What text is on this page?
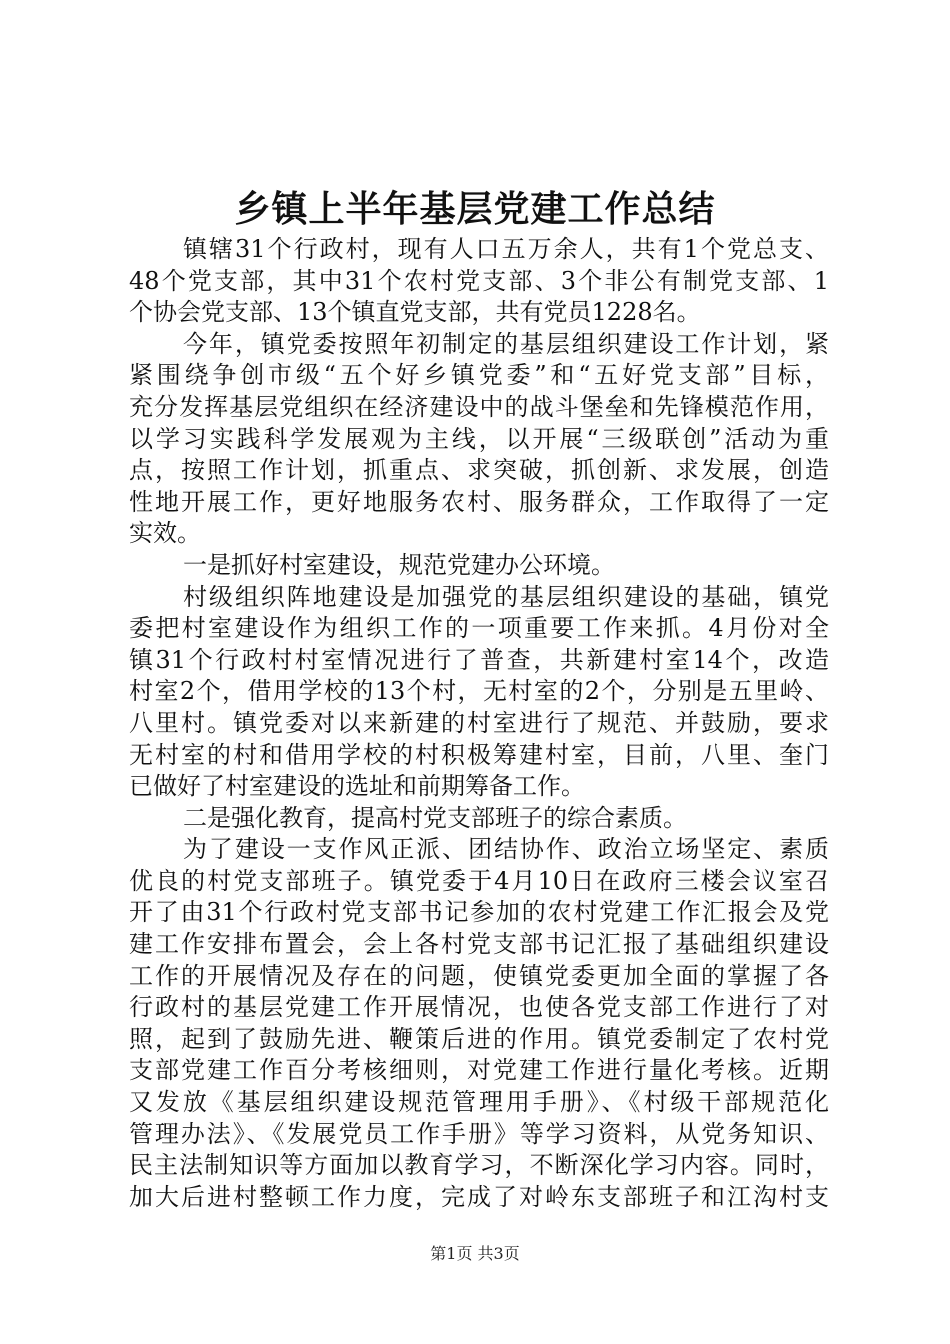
乡镇上半年基层党建工作总结
镇辖31个行政村，现有人口五万余人，共有1个党总支、
48个党支部，其中31个农村党支部、3个非公有制党支部、1
个协会党支部、13个镇直党支部，共有党员1228名。
今年，镇党委按照年初制定的基层组织建设工作计划，紧
紧围绕争创市级“五个好乡镇党委”和“五好党支部”目标，
充分发挥基层党组织在经济建设中的战斗堡垒和先锋模范作用，
以学习实践科学发展观为主线，以开展“三级联创”活动为重
点，按照工作计划，抓重点、求突破，抓创新、求发展，创造
性地开展工作，更好地服务农村、服务群众，工作取得了一定
实效。
一是抓好村室建设，规范党建办公环境。
村级组织阵地建设是加强党的基层组织建设的基础，镇党
委把村室建设作为组织工作的一项重要工作来抓。4月份对全
镇31个行政村村室情况进行了普查，共新建村室14个，改造
村室2个，借用学校的13个村，无村室的2个，分别是五里岭、
八里村。镇党委对以来新建的村室进行了规范、并鼓励，要求
无村室的村和借用学校的村积极筹建村室，目前，八里、奎门
已做好了村室建设的选址和前期筹备工作。
二是强化教育，提高村党支部班子的综合素质。
为了建设一支作风正派、团结协作、政治立场坚定、素质
优良的村党支部班子。镇党委于4月10日在政府三楼会议室召
开了由31个行政村党支部书记参加的农村党建工作汇报会及党
建工作安排布置会，会上各村党支部书记汇报了基础组织建设
工作的开展情况及存在的问题，使镇党委更加全面的掌握了各
行政村的基层党建工作开展情况，也使各党支部工作进行了对
照，起到了鼓励先进、鞭策后进的作用。镇党委制定了农村党
支部党建工作百分考核细则，对党建工作进行量化考核。近期
又发放《基层组织建设规范管理用手册》、《村级干部规范化
管理办法》、《发展党员工作手册》等学习资料，从党务知识、
民主法制知识等方面加以教育学习，不断深化学习内容。同时，
加大后进村整顿工作力度，完成了对岭东支部班子和江沟村支
第1页 共3页
